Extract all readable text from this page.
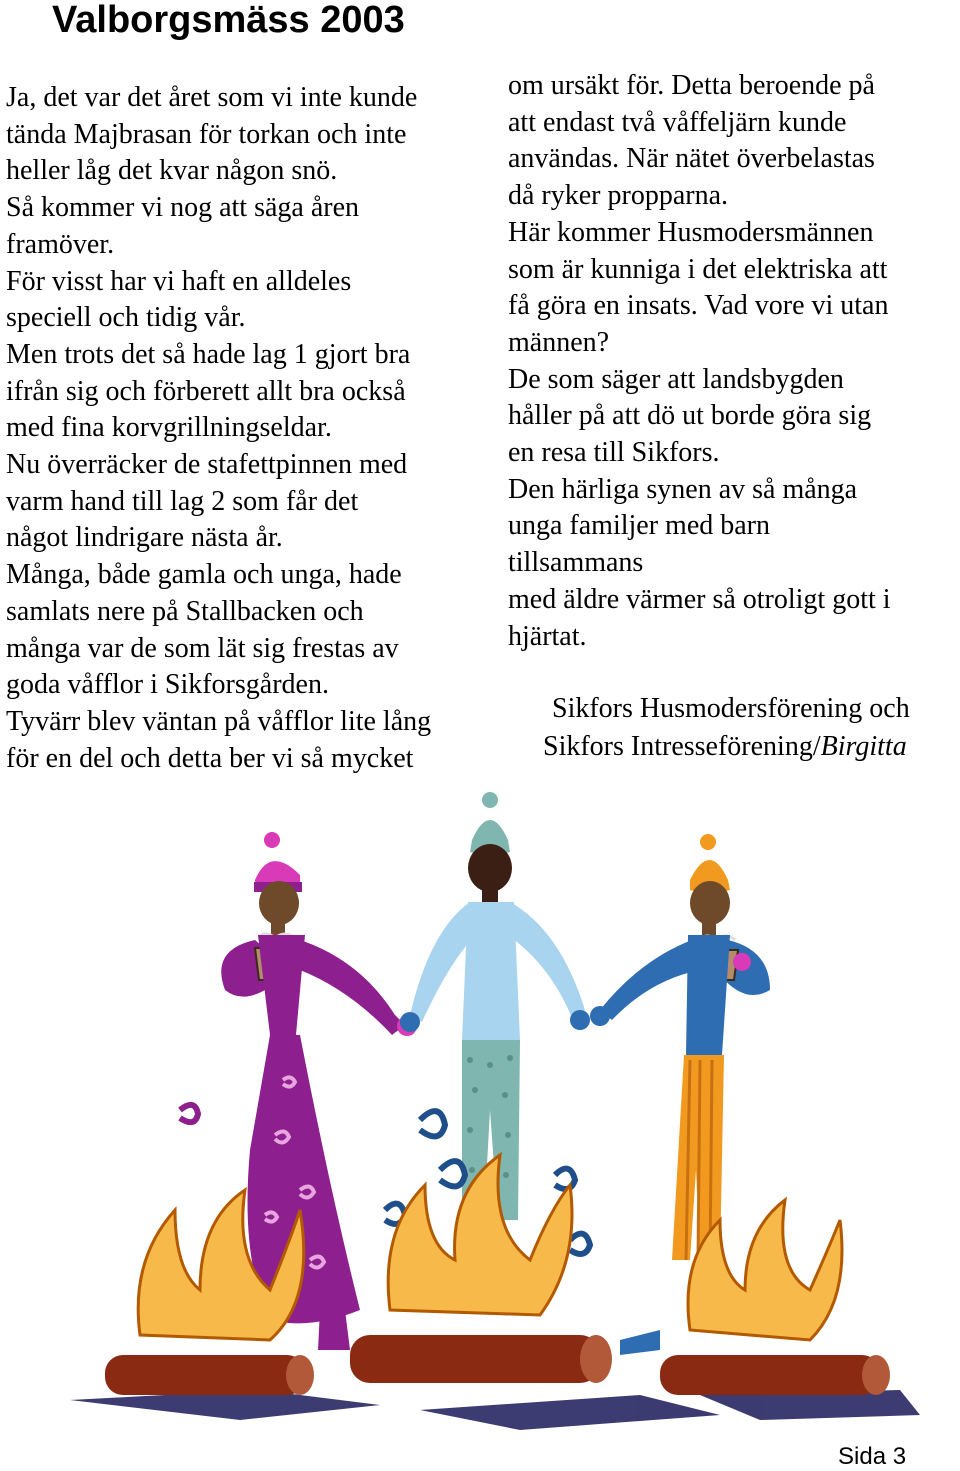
Valborgsmäss 2003
Ja, det var det året som vi inte kunde
tända Majbrasan för torkan och inte
heller låg det kvar någon snö.
Så kommer vi nog att säga åren
framöver.
För visst har vi haft en alldeles
speciell och tidig vår.
Men trots det så hade lag 1 gjort bra
ifrån sig och förberett allt bra också
med fina korvgrillningseldar.
Nu överräcker de stafettpinnen med
varm hand till lag 2 som får det
något lindrigare nästa år.
Många, både gamla och unga, hade
samlats nere på Stallbacken och
många var de som lät sig frestas av
goda våfflor i Sikforsgården.
Tyvärr blev väntan på våfflor lite lång
för en del och detta ber vi så mycket
om ursäkt för. Detta beroende på
att endast två våffeljärn kunde
användas. När nätet överbelastas
då ryker propparna.
Här kommer Husmodersmännen
som är kunniga i det elektriska att
få göra en insats. Vad vore vi utan
männen?
De som säger att landsbygden
håller på att dö ut borde göra sig
en resa till Sikfors.
Den härliga synen av så många
unga familjer med barn
tillsammans
med äldre värmer så otroligt gott i
hjärtat.
Sikfors Husmodersförening och
Sikfors Intresseförening/Birgitta
Sida 3
